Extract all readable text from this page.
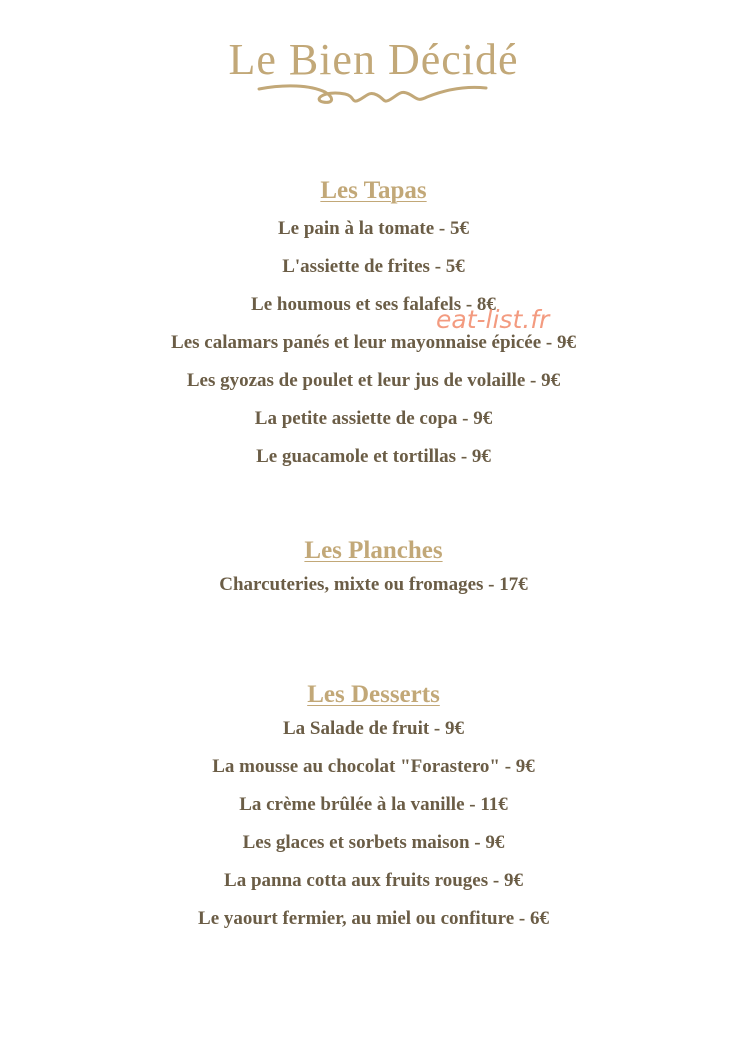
Le Bien Décidé
Les Tapas
Le pain à la tomate - 5€
L'assiette de frites - 5€
Le houmous et ses falafels - 8€
Les calamars panés et leur mayonnaise épicée - 9€
Les gyozas de poulet et leur jus de volaille - 9€
La petite assiette de copa - 9€
Le guacamole et tortillas - 9€
Les Planches
Charcuteries, mixte ou fromages - 17€
Les Desserts
La Salade de fruit - 9€
La mousse au chocolat "Forastero" - 9€
La crème brûlée à la vanille - 11€
Les glaces et sorbets maison - 9€
La panna cotta aux fruits rouges - 9€
Le yaourt fermier, au miel ou confiture - 6€
eat-list.fr
